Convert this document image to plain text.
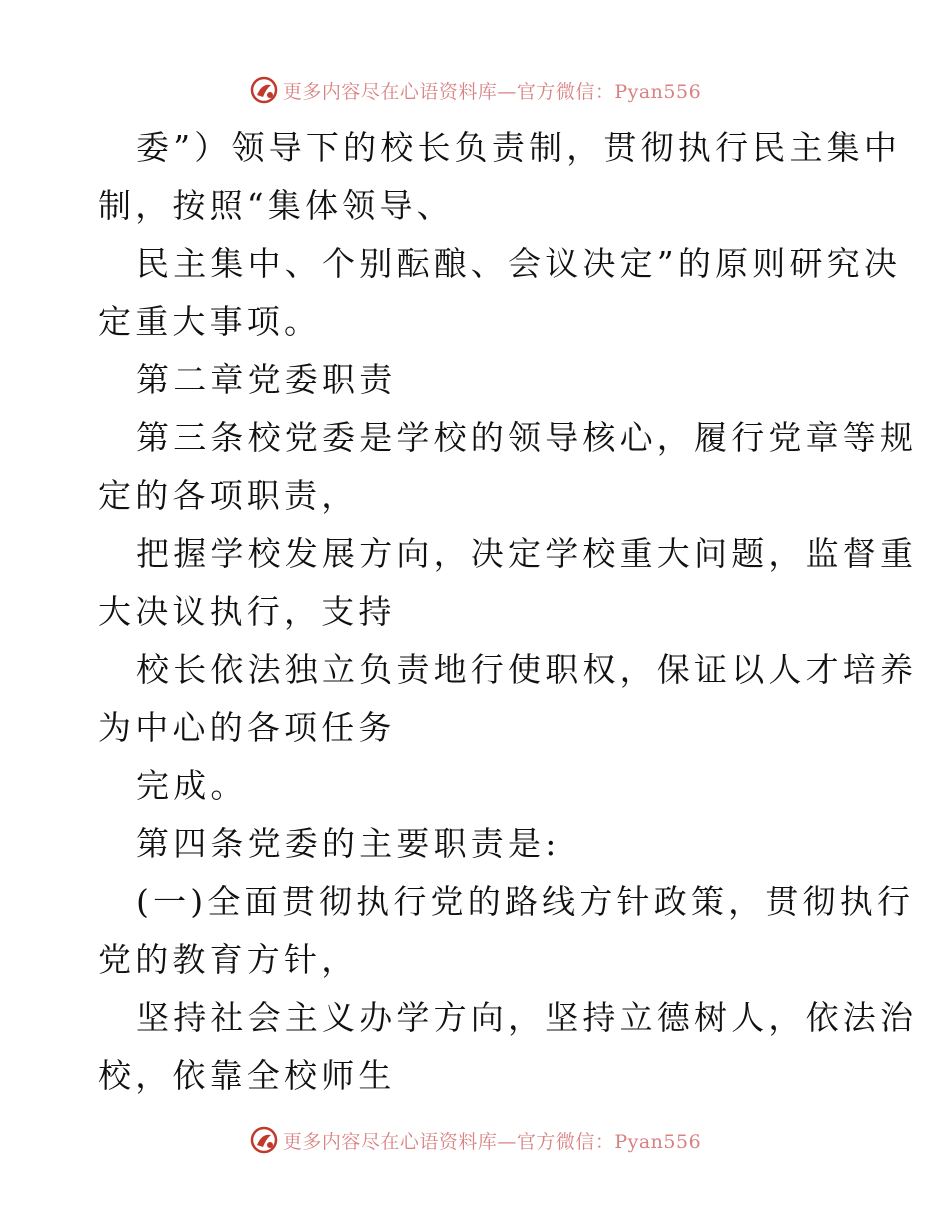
更多内容尽在心语资料库—官方微信：Pyan556
委”）领导下的校长负责制，贯彻执行民主集中
制，按照“集体领导、
民主集中、个别酝酿、会议决定”的原则研究决
定重大事项。
第二章党委职责
第三条校党委是学校的领导核心，履行党章等规
定的各项职责，
把握学校发展方向，决定学校重大问题，监督重
大决议执行，支持
校长依法独立负责地行使职权，保证以人才培养
为中心的各项任务
完成。
第四条党委的主要职责是:
(一)全面贯彻执行党的路线方针政策，贯彻执行
党的教育方针，
坚持社会主义办学方向，坚持立德树人，依法治
校，依靠全校师生
更多内容尽在心语资料库—官方微信：Pyan556
